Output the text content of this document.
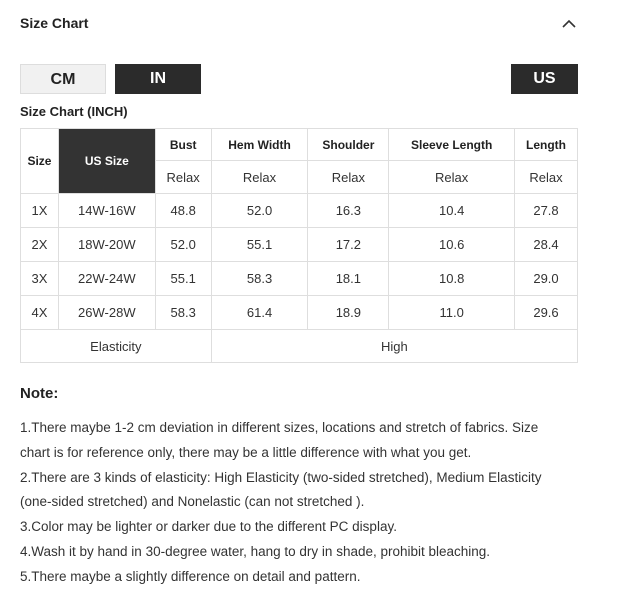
Size Chart
CM	IN	US
Size Chart (INCH)
Size	US Size	Bust	Hem Width	Shoulder	Sleeve Length	Length
		Relax	Relax	Relax	Relax	Relax
1X	14W-16W	48.8	52.0	16.3	10.4	27.8
2X	18W-20W	52.0	55.1	17.2	10.6	28.4
3X	22W-24W	55.1	58.3	18.1	10.8	29.0
4X	26W-28W	58.3	61.4	18.9	11.0	29.6
Elasticity			High			
Note:
1.There maybe 1-2 cm deviation in different sizes, locations and stretch of fabrics. Size
chart is for reference only, there may be a little difference with what you get.
2.There are 3 kinds of elasticity: High Elasticity (two-sided stretched), Medium Elasticity
(one-sided stretched) and Nonelastic (can not stretched ).
3.Color may be lighter or darker due to the different PC display.
4.Wash it by hand in 30-degree water, hang to dry in shade, prohibit bleaching.
5.There maybe a slightly difference on detail and pattern.
